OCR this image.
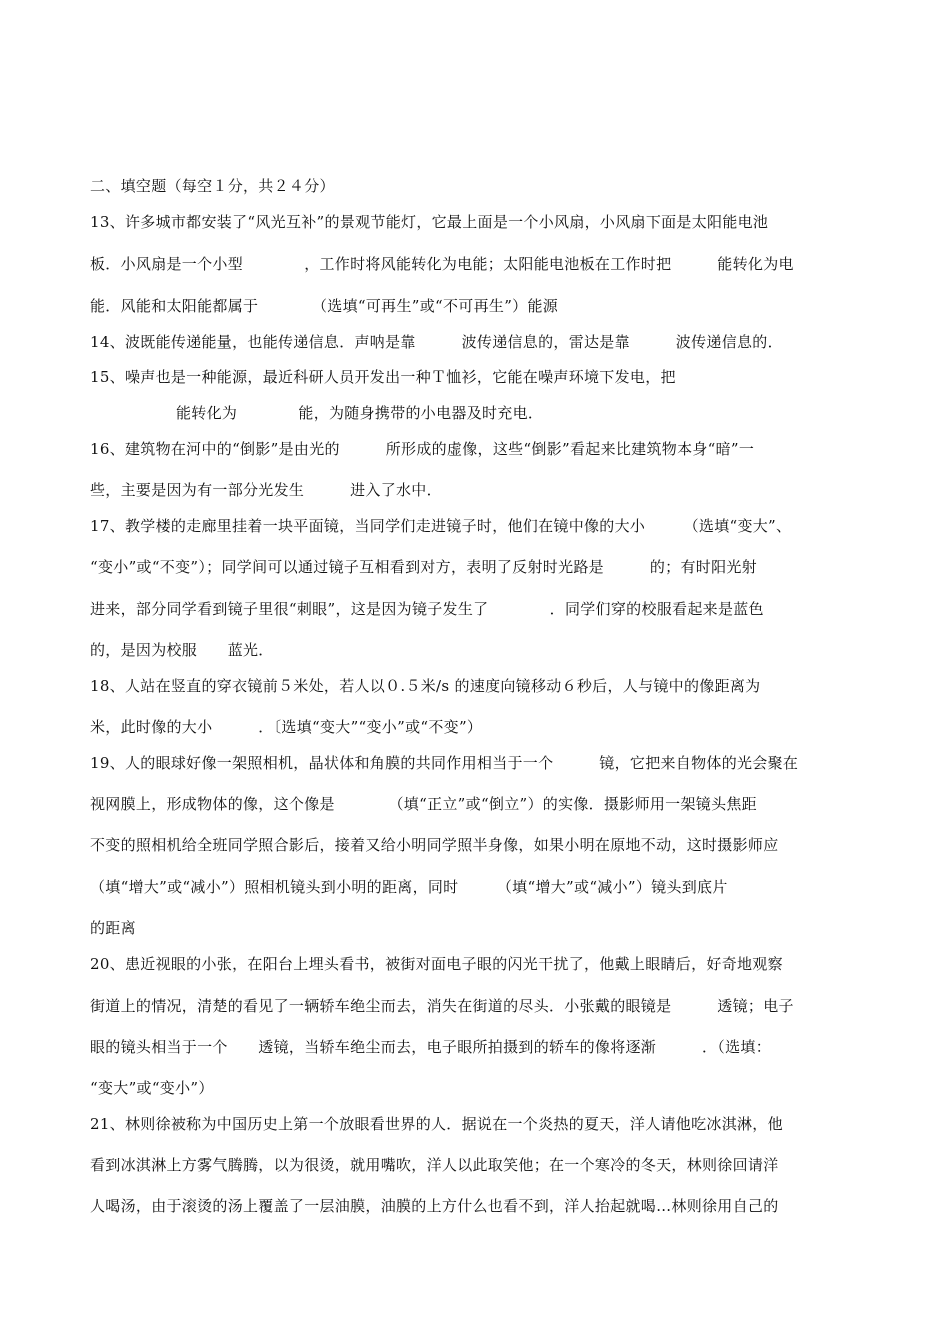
二、填空题（每空１分，共２４分）
13、许多城市都安装了“风光互补”的景观节能灯，它最上面是一个小风扇，小风扇下面是太阳能电池
板．小风扇是一个小型　　　　，工作时将风能转化为电能；太阳能电池板在工作时把　　　能转化为电
能．风能和太阳能都属于　　　　（选填“可再生”或“不可再生”）能源
14、波既能传递能量，也能传递信息．声呐是靠　　　波传递信息的，雷达是靠　　　波传递信息的．
15、噪声也是一种能源，最近科研人员开发出一种Ｔ恤衫，它能在噪声环境下发电，把
能转化为　　　　能，为随身携带的小电器及时充电．
16、建筑物在河中的“倒影”是由光的　　　所形成的虚像，这些“倒影”看起来比建筑物本身“暗”一
些，主要是因为有一部分光发生　　　进入了水中．
17、教学楼的走廊里挂着一块平面镜，当同学们走进镜子时，他们在镜中像的大小　　　（选填“变大”、
“变小”或“不变”）；同学间可以通过镜子互相看到对方，表明了反射时光路是　　　的；有时阳光射
进来，部分同学看到镜子里很“刺眼”，这是因为镜子发生了　　　　．同学们穿的校服看起来是蓝色
的，是因为校服　　蓝光．
18、人站在竖直的穿衣镜前５米处，若人以０.５米/s 的速度向镜移动６秒后，人与镜中的像距离为
米，此时像的大小　　　．〔选填“变大”“变小”或“不变”）
19、人的眼球好像一架照相机，晶状体和角膜的共同作用相当于一个　　　镜，它把来自物体的光会聚在
视网膜上，形成物体的像，这个像是　　　　（填“正立”或“倒立”）的实像．摄影师用一架镜头焦距
不变的照相机给全班同学照合影后，接着又给小明同学照半身像，如果小明在原地不动，这时摄影师应
（填“增大”或“减小”）照相机镜头到小明的距离，同时　　　（填“增大”或“减小”）镜头到底片
的距离
20、患近视眼的小张，在阳台上埋头看书，被街对面电子眼的闪光干扰了，他戴上眼睛后，好奇地观察
街道上的情况，清楚的看见了一辆轿车绝尘而去，消失在街道的尽头．小张戴的眼镜是　　　透镜；电子
眼的镜头相当于一个　　透镜，当轿车绝尘而去，电子眼所拍摄到的轿车的像将逐渐　　　．（选填：
“变大”或“变小”）
21、林则徐被称为中国历史上第一个放眼看世界的人．据说在一个炎热的夏天，洋人请他吃冰淇淋，他
看到冰淇淋上方雾气腾腾，以为很烫，就用嘴吹，洋人以此取笑他；在一个寒冷的冬天，林则徐回请洋
人喝汤，由于滚烫的汤上覆盖了一层油膜，油膜的上方什么也看不到，洋人抬起就喝…林则徐用自己的
